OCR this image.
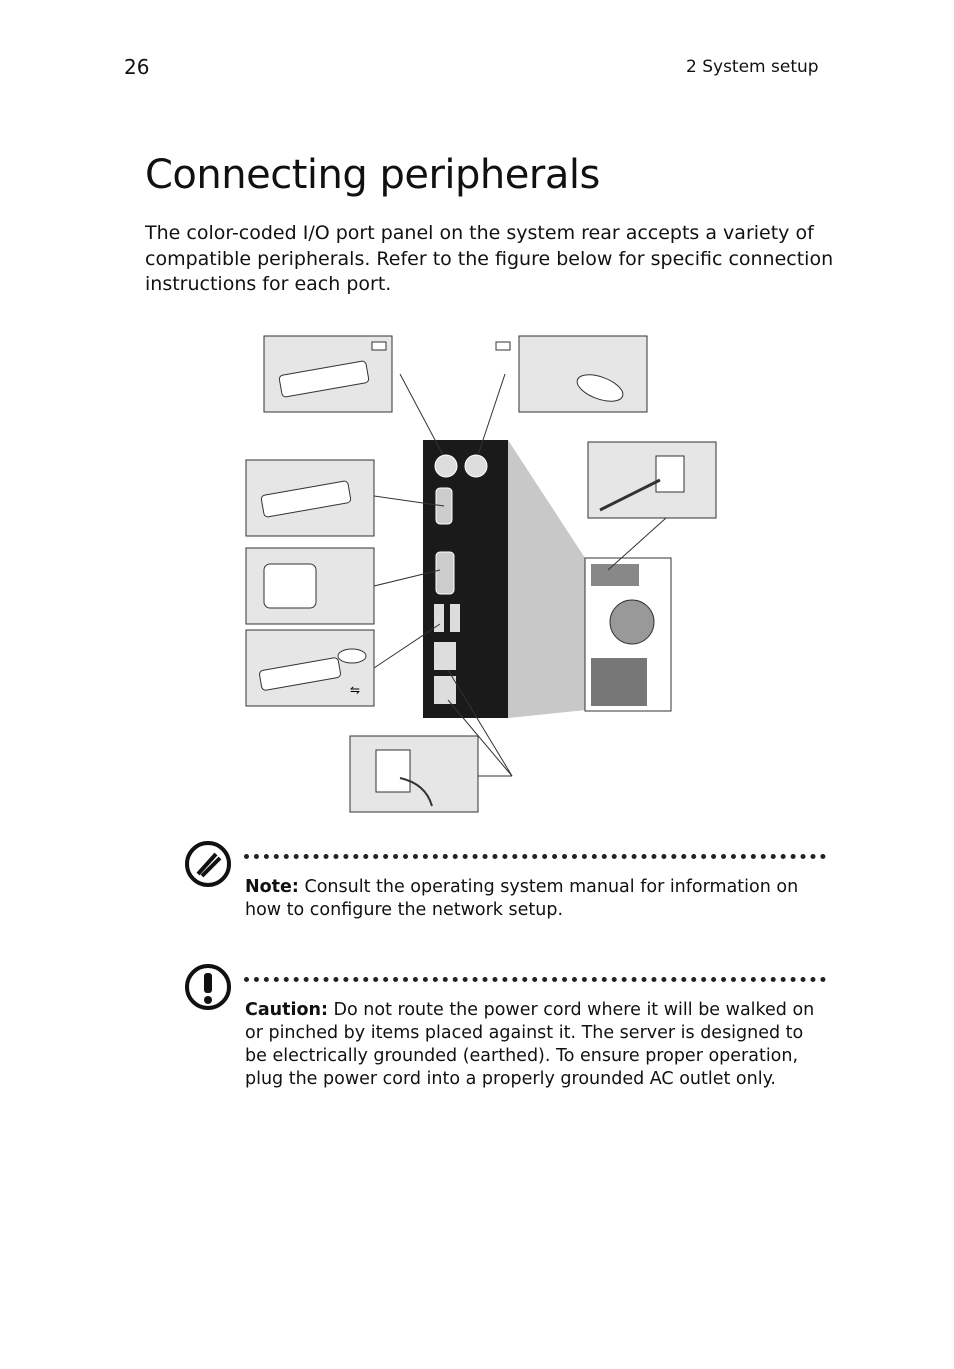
26	2 System setup
Connecting peripherals

The color-coded I/O port panel on the system rear accepts a variety of compatible peripherals. Refer to the figure below for specific connection instructions for each port.

⇋

Note: Consult the operating system manual for information on how to configure the network setup.

Caution: Do not route the power cord where it will be walked on or pinched by items placed against it. The server is designed to be electrically grounded (earthed). To ensure proper operation, plug the power cord into a properly grounded AC outlet only.
